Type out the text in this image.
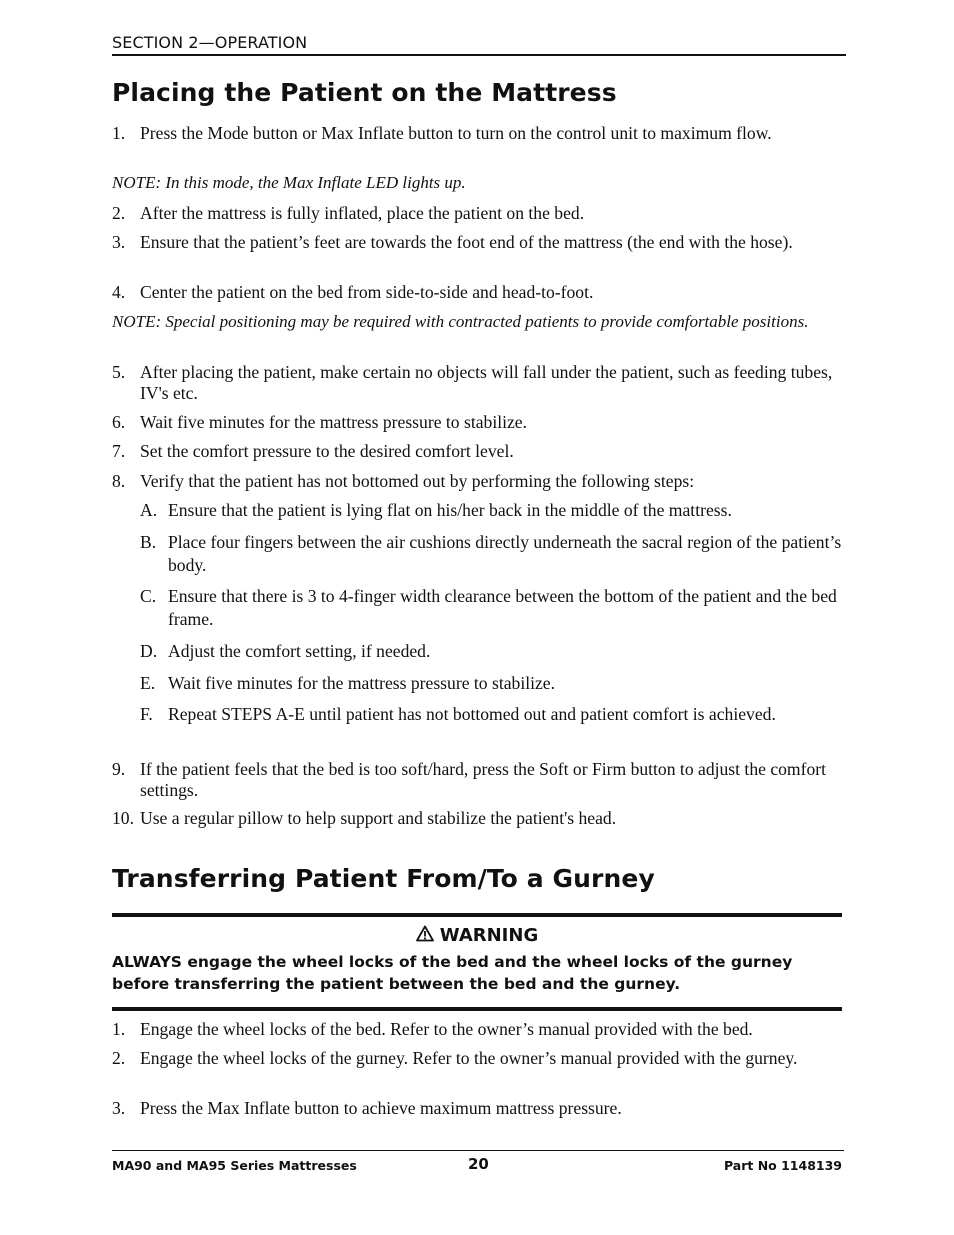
SECTION 2—OPERATION
Placing the Patient on the Mattress
1. Press the Mode button or Max Inflate button to turn on the control unit to maximum flow.
NOTE: In this mode, the Max Inflate LED lights up.
2. After the mattress is fully inflated, place the patient on the bed.
3. Ensure that the patient’s feet are towards the foot end of the mattress (the end with the hose).
4. Center the patient on the bed from side-to-side and head-to-foot.
NOTE: Special positioning may be required with contracted patients to provide comfortable positions.
5. After placing the patient, make certain no objects will fall under the patient, such as feeding tubes, IV's etc.
6. Wait five minutes for the mattress pressure to stabilize.
7. Set the comfort pressure to the desired comfort level.
8. Verify that the patient has not bottomed out by performing the following steps:
A. Ensure that the patient is lying flat on his/her back in the middle of the mattress.
B. Place four fingers between the air cushions directly underneath the sacral region of the patient’s body.
C. Ensure that there is 3 to 4-finger width clearance between the bottom of the patient and the bed frame.
D. Adjust the comfort setting, if needed.
E. Wait five minutes for the mattress pressure to stabilize.
F. Repeat STEPS A-E until patient has not bottomed out and patient comfort is achieved.
9. If the patient feels that the bed is too soft/hard, press the Soft or Firm button to adjust the comfort settings.
10. Use a regular pillow to help support and stabilize the patient's head.
Transferring Patient From/To a Gurney
WARNING
ALWAYS engage the wheel locks of the bed and the wheel locks of the gurney before transferring the patient between the bed and the gurney.
1. Engage the wheel locks of the bed. Refer to the owner’s manual provided with the bed.
2. Engage the wheel locks of the gurney. Refer to the owner’s manual provided with the gurney.
3. Press the Max Inflate button to achieve maximum mattress pressure.
MA90 and MA95 Series Mattresses	20	Part No 1148139
